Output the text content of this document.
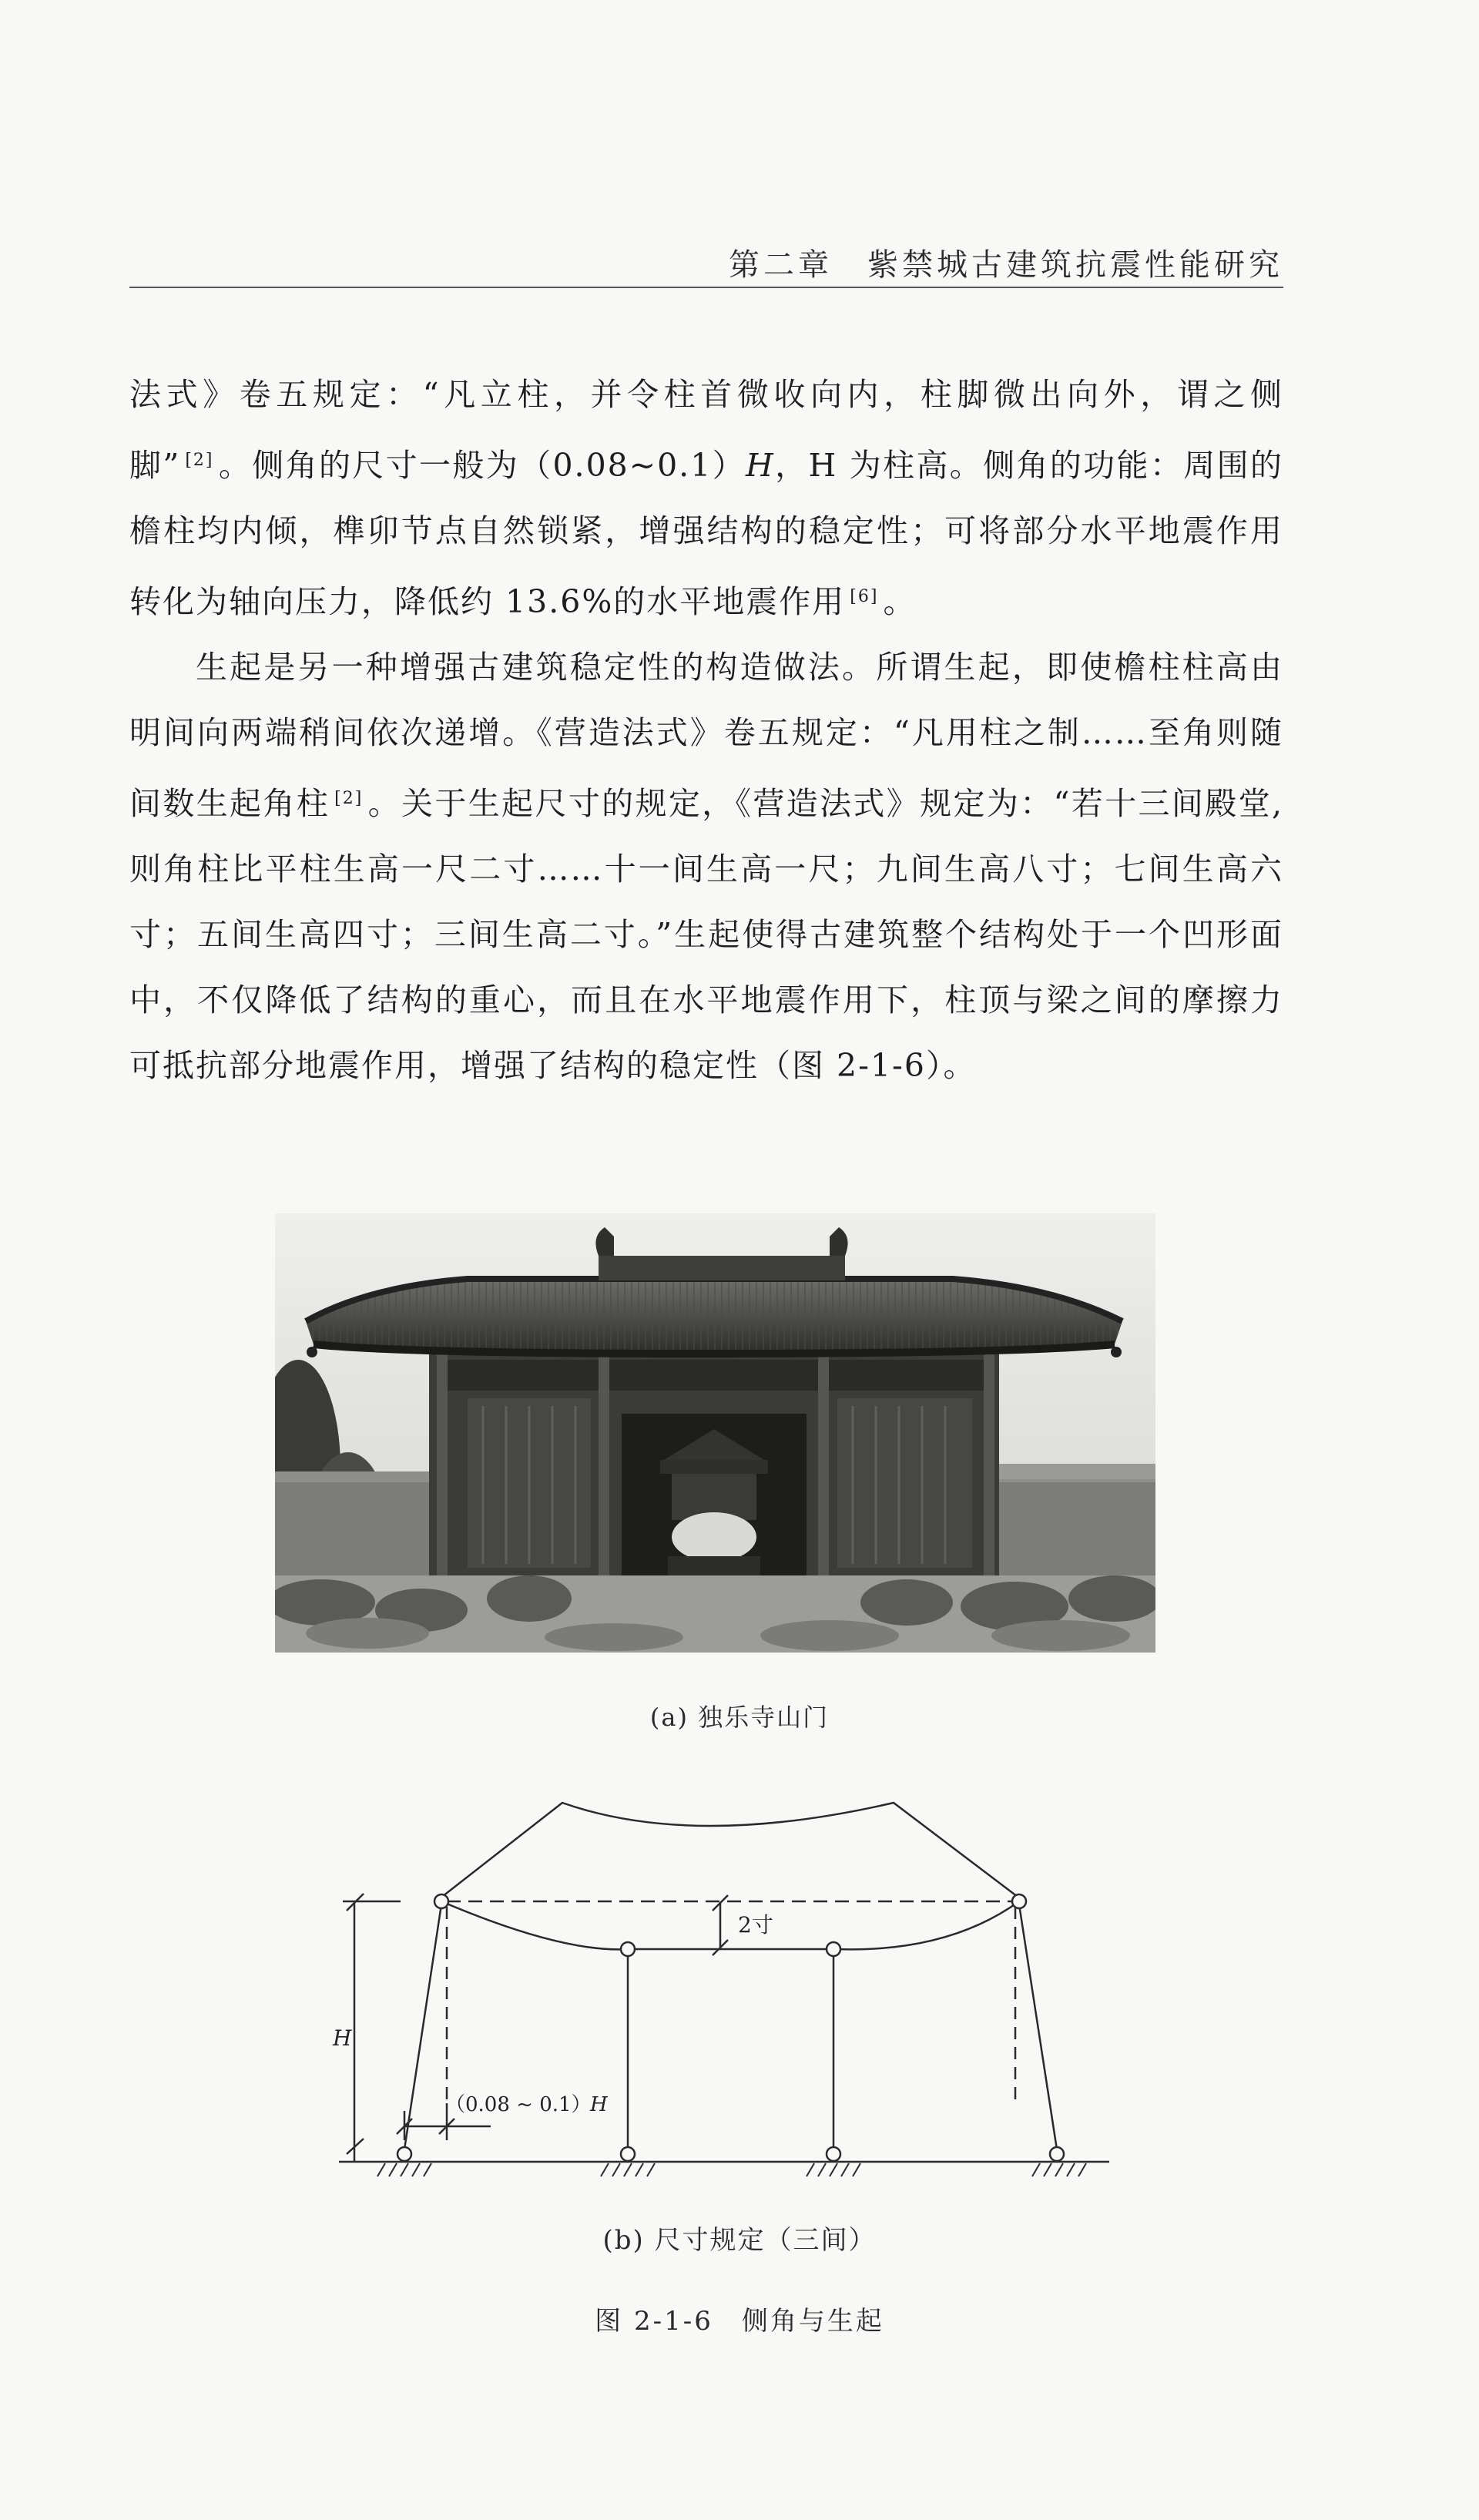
第二章　紫禁城古建筑抗震性能研究

法式》卷五规定：“凡立柱，并令柱首微收向内，柱脚微出向外，谓之侧脚” [2] 。侧角的尺寸一般为（0.08~0.1）H，H 为柱高。侧角的功能：周围的檐柱均内倾，榫卯节点自然锁紧，增强结构的稳定性；可将部分水平地震作用转化为轴向压力，降低约 13.6%的水平地震作用 [6] 。

生起是另一种增强古建筑稳定性的构造做法。所谓生起，即使檐柱柱高由明间向两端稍间依次递增。《营造法式》卷五规定：“凡用柱之制……至角则随间数生起角柱 [2] 。关于生起尺寸的规定，《营造法式》规定为：“若十三间殿堂,则角柱比平柱生高一尺二寸……十一间生高一尺；九间生高八寸；七间生高六寸；五间生高四寸；三间生高二寸。”生起使得古建筑整个结构处于一个凹形面中，不仅降低了结构的重心，而且在水平地震作用下，柱顶与梁之间的摩擦力可抵抗部分地震作用，增强了结构的稳定性（图 2-1-6）。

(a) 独乐寺山门
2寸
H
（0.08 ~ 0.1）
H
(b) 尺寸规定（三间）
图 2-1-6　侧角与生起
